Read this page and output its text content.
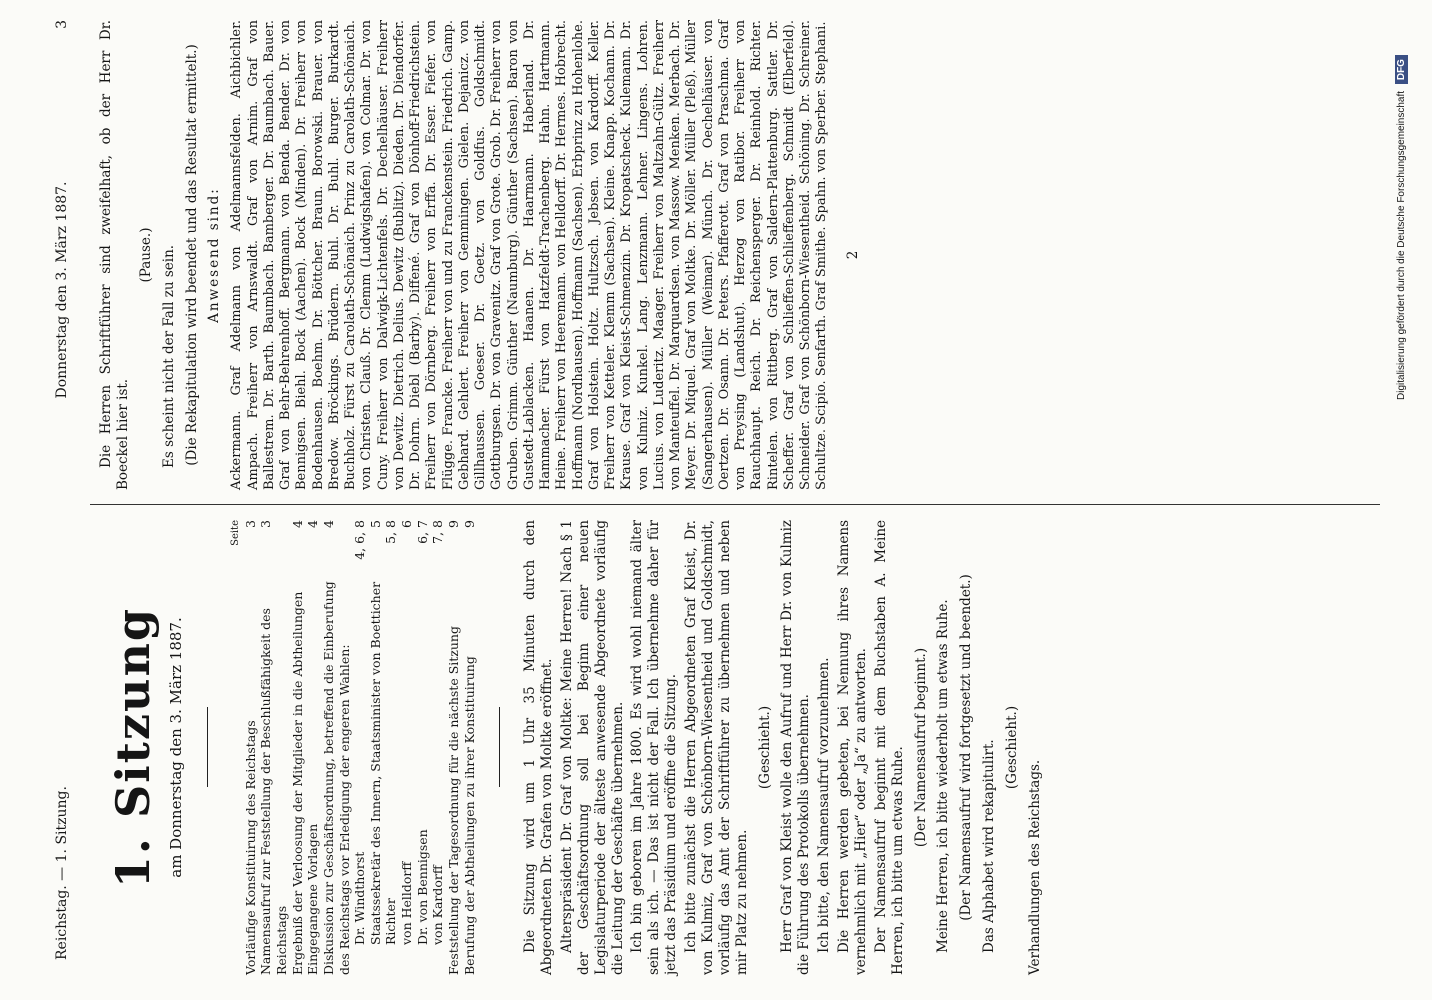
Reichstag. — 1. Sitzung.
Donnerstag den 3. März 1887.
3
1. Sitzung am Donnerstag den 3. März 1887.
Seite
Vorläufige Konstituirung des Reichstags
3
Namensaufruf zur Feststellung der Beschlußfähigkeit des Reichstags
3
Ergebniß der Verloosung der Mitglieder in die Abtheilungen
4
Eingegangene Vorlagen
4
Diskussion zur Geschäftsordnung, betreffend die Einberufung des Reichstags vor Erledigung der engeren Wahlen:
4
Dr. Windthorst
4, 6, 8
Staatssekretär des Innern, Staatsminister von Boetticher
5
Richter
5, 8
von Helldorff
6
Dr. von Bennigsen
6, 7
von Kardorff
7, 8
Feststellung der Tagesordnung für die nächste Sitzung
9
Berufung der Abtheilungen zu ihrer Konstituirung
9	Die Sitzung wird um 1 Uhr 35 Minuten durch den Abgeordneten Dr. Grafen von Moltke eröffnet. Alterspräsident Dr. Graf von Moltke: Meine Herren! Nach § 1 der Geschäftsordnung soll bei Beginn einer neuen Legislaturperiode der älteste anwesende Abgeordnete vorläufig die Leitung der Geschäfte übernehmen. Ich bin geboren im Jahre 1800. Es wird wohl niemand älter sein als ich. — Das ist nicht der Fall. Ich übernehme daher für jetzt das Präsidium und eröffne die Sitzung. Ich bitte zunächst die Herren Abgeordneten Graf Kleist, Dr. von Kulmiz, Graf von Schönborn-Wiesentheid und Goldschmidt, vorläufig das Amt der Schriftführer zu übernehmen und neben mir Platz zu nehmen.

(Geschieht.) Herr Graf von Kleist wolle den Aufruf und Herr Dr. von Kulmiz die Führung des Protokolls übernehmen. Ich bitte, den Namensaufruf vorzunehmen. Die Herren werden gebeten, bei Nennung ihres Namens vernehmlich mit „Hier“ oder „Ja“ zu antworten. Der Namensaufruf beginnt mit dem Buchstaben A. Meine Herren, ich bitte um etwas Ruhe. (Der Namensaufruf beginnt.) Meine Herren, ich bitte wiederholt um etwas Ruhe. (Der Namensaufruf wird fortgesetzt und beendet.) Das Alphabet wird rekapitulirt. (Geschieht.)

Verhandlungen des Reichstags.

Die Herren Schriftführer sind zweifelhaft, ob der Herr Dr. Boeckel hier ist.

(Pause.) Es scheint nicht der Fall zu sein. (Die Rekapitulation wird beendet und das Resultat ermittelt.) Anwesend sind: Ackermann. Graf Adelmann von Adelmannsfelden. Aichbichler. Ampach. Freiherr von Arnswaldt. Graf von Arnim. Graf von Ballestrem. Dr. Barth. Baumbach. Bamberger. Dr. Baumbach. Bauer. Graf von Behr-Behrenhoff. Bergmann. von Benda. Bender. Dr. von Bennigsen. Biehl. Bock (Aachen). Bock (Minden). Dr. Freiherr von Bodenhausen. Boehm. Dr. Böttcher. Braun. Borowski. Brauer. von Bredow. Bröckings. Brüdern. Buhl. Dr. Buhl. Burger. Burkardt. Buchholz. Fürst zu Carolath-Schönaich. Prinz zu Carolath-Schönaich. von Christen. Clauß. Dr. Clemm (Ludwigshafen). von Colmar. Dr. von Cuny. Freiherr von Dalwigk-Lichtenfels. Dr. Dechelhäuser. Freiherr von Dewitz. Dietrich. Delius. Dewitz (Bublitz). Dieden. Dr. Diendorfer. Dr. Dohrn. Diebl (Barby). Diffené. Graf von Dönhoff-Friedrichstein. Freiherr von Dörnberg. Freiherr von Erffa. Dr. Esser. Fiefer. von Flügge. Francke. Freiherr von und zu Franckenstein. Friedrich. Gamp. Gebhard. Gehlert. Freiherr von Gemmingen. Gielen. Dejanicz. von Gillhaussen. Goeser. Dr. Goetz. von Goldfus. Goldschmidt. Gottburgsen. Dr. von Gravenitz. Graf von Grote. Grob. Dr. Freiherr von Gruben. Grimm. Günther (Naumburg). Günther (Sachsen). Baron von Gustedt-Lablacken. Haanen. Dr. Haarmann. Haberland. Dr. Hammacher. Fürst von Hatzfeldt-Trachenberg. Hahn. Hartmann. Heine. Freiherr von Heeremann. von Helldorff. Dr. Hermes. Hobrecht. Hoffmann (Nordhausen). Hoffmann (Sachsen). Erbprinz zu Hohenlohe. Graf von Holstein. Holtz. Hultzsch. Jebsen. von Kardorff. Keller. Freiherr von Ketteler. Klemm (Sachsen). Kleine. Knapp. Kochann. Dr. Krause. Graf von Kleist-Schmenzin. Dr. Kropatscheck. Kulemann. Dr. von Kulmiz. Kunkel. Lang. Lenzmann. Lehner. Lingens. Lohren. Lucius. von Luderitz. Maager. Freiherr von Maltzahn-Gültz. Freiherr von Manteuffel. Dr. Marquardsen. von Massow. Menken. Merbach. Dr. Meyer. Dr. Miquel. Graf von Moltke. Dr. Möller. Müller (Pleß). Müller (Sangerhausen). Müller (Weimar). Münch. Dr. Oechelhäuser. von Oertzen. Dr. Osann. Dr. Peters. Pfafferott. Graf von Praschma. Graf von Preysing (Landshut). Herzog von Ratibor. Freiherr von Rauchhaupt. Reich. Dr. Reichensperger. Dr. Reinhold. Richter. Rintelen. von Rittberg. Graf von Saldern-Plattenburg. Sattler. Dr. Scheffer. Graf von Schlieffen-Schlieffenberg. Schmidt (Elberfeld). Schneider. Graf von Schönborn-Wiesentheid. Schöning. Dr. Schreiner. Schultze. Scipio. Senfarth. Graf Smithe. Spahn. von Sperber. Stephani. 2	Digitalisierung gefördert durch die Deutsche Forschungsgemeinschaft DFG
